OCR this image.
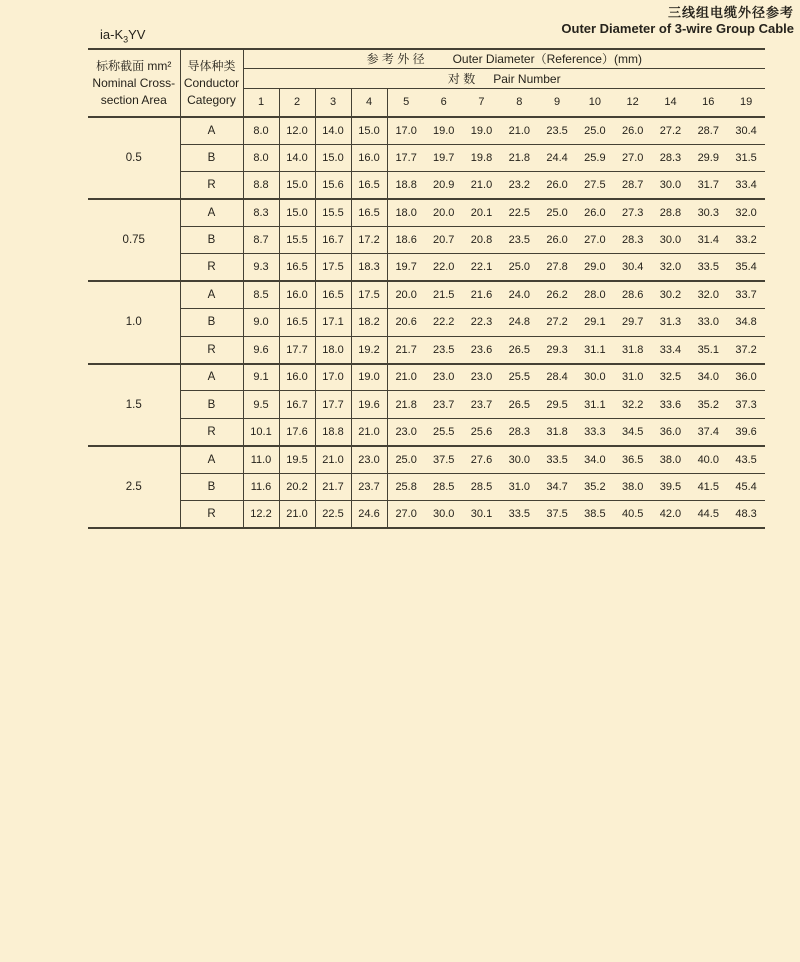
三线组电缆外径参考
Outer Diameter of 3-wire Group Cable
$ia-K_3YV$
标称截面 mm²
Nominal Cross-
section Area

导体种类
Conductor
Category
	参 考 外 径 Outer Diameter（Reference）(mm)
		对 数 Pair Number													
		1	2	3	4	5	6	7	8	9	10	12	14	16	19
0.5	A	8.0	12.0	14.0	15.0	17.0	19.0	19.0	21.0	23.5	25.0	26.0	27.2	28.7	30.4
	B	8.0	14.0	15.0	16.0	17.7	19.7	19.8	21.8	24.4	25.9	27.0	28.3	29.9	31.5
	R	8.8	15.0	15.6	16.5	18.8	20.9	21.0	23.2	26.0	27.5	28.7	30.0	31.7	33.4
0.75	A	8.3	15.0	15.5	16.5	18.0	20.0	20.1	22.5	25.0	26.0	27.3	28.8	30.3	32.0
	B	8.7	15.5	16.7	17.2	18.6	20.7	20.8	23.5	26.0	27.0	28.3	30.0	31.4	33.2
	R	9.3	16.5	17.5	18.3	19.7	22.0	22.1	25.0	27.8	29.0	30.4	32.0	33.5	35.4
1.0	A	8.5	16.0	16.5	17.5	20.0	21.5	21.6	24.0	26.2	28.0	28.6	30.2	32.0	33.7
	B	9.0	16.5	17.1	18.2	20.6	22.2	22.3	24.8	27.2	29.1	29.7	31.3	33.0	34.8
	R	9.6	17.7	18.0	19.2	21.7	23.5	23.6	26.5	29.3	31.1	31.8	33.4	35.1	37.2
1.5	A	9.1	16.0	17.0	19.0	21.0	23.0	23.0	25.5	28.4	30.0	31.0	32.5	34.0	36.0
	B	9.5	16.7	17.7	19.6	21.8	23.7	23.7	26.5	29.5	31.1	32.2	33.6	35.2	37.3
	R	10.1	17.6	18.8	21.0	23.0	25.5	25.6	28.3	31.8	33.3	34.5	36.0	37.4	39.6
2.5	A	11.0	19.5	21.0	23.0	25.0	37.5	27.6	30.0	33.5	34.0	36.5	38.0	40.0	43.5
	B	11.6	20.2	21.7	23.7	25.8	28.5	28.5	31.0	34.7	35.2	38.0	39.5	41.5	45.4
	R	12.2	21.0	22.5	24.6	27.0	30.0	30.1	33.5	37.5	38.5	40.5	42.0	44.5	48.3
